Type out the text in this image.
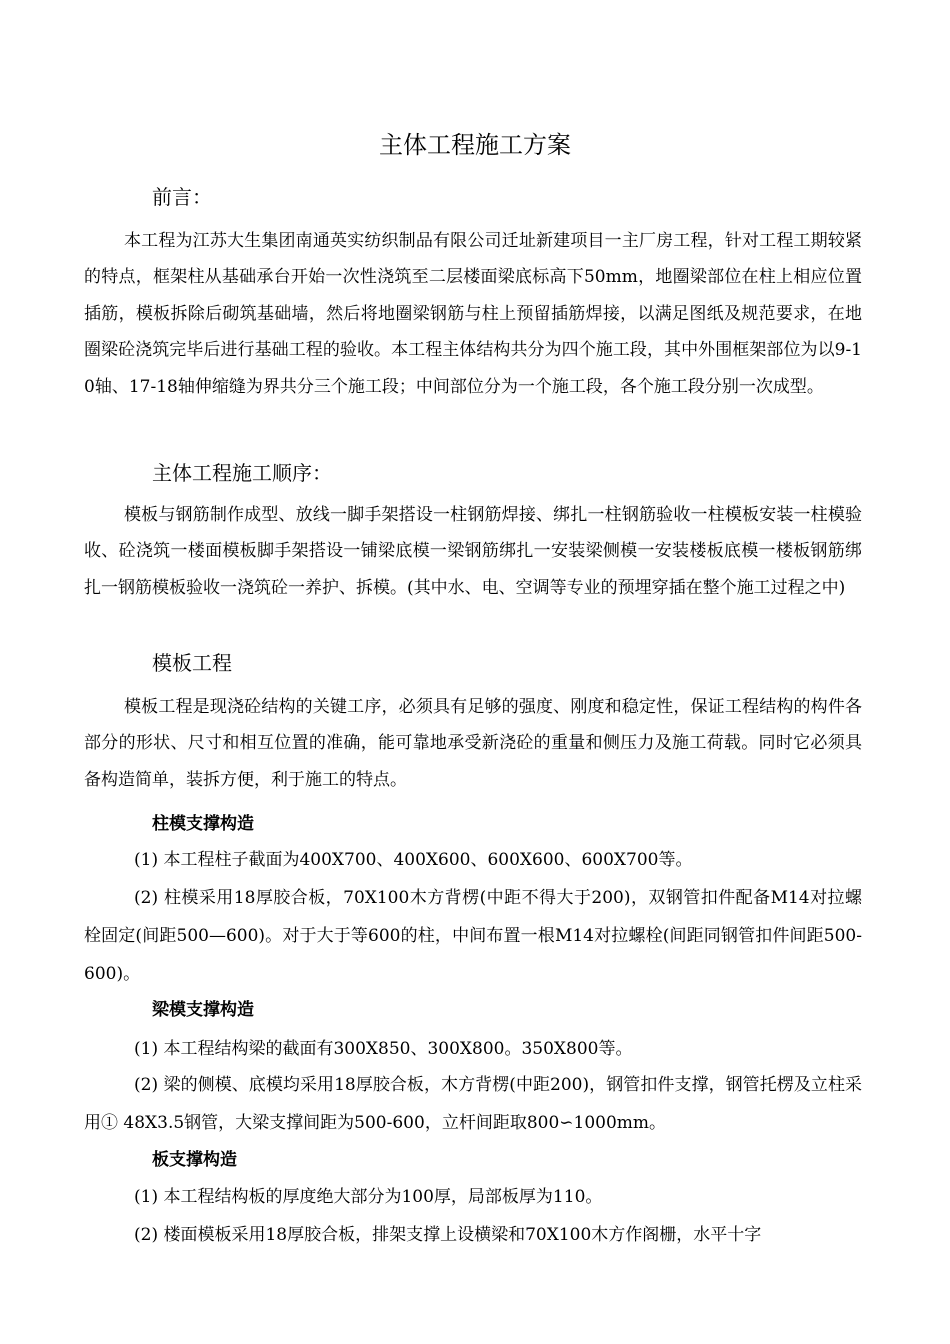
主体工程施工方案
前言：
本工程为江苏大生集团南通英实纺织制品有限公司迁址新建项目一主厂房工程，针对工程工期较紧的特点，框架柱从基础承台开始一次性浇筑至二层楼面梁底标高下50mm，地圈梁部位在柱上相应位置插筋，模板拆除后砌筑基础墙，然后将地圈梁钢筋与柱上预留插筋焊接，以满足图纸及规范要求，在地圈梁砼浇筑完毕后进行基础工程的验收。本工程主体结构共分为四个施工段，其中外围框架部位为以9-10轴、17-18轴伸缩缝为界共分三个施工段；中间部位分为一个施工段，各个施工段分别一次成型。
主体工程施工顺序：
模板与钢筋制作成型、放线一脚手架搭设一柱钢筋焊接、绑扎一柱钢筋验收一柱模板安装一柱模验收、砼浇筑一楼面模板脚手架搭设一铺梁底模一梁钢筋绑扎一安装梁侧模一安装楼板底模一楼板钢筋绑扎一钢筋模板验收一浇筑砼一养护、拆模。(其中水、电、空调等专业的预埋穿插在整个施工过程之中)
模板工程
模板工程是现浇砼结构的关键工序，必须具有足够的强度、刚度和稳定性，保证工程结构的构件各部分的形状、尺寸和相互位置的准确，能可靠地承受新浇砼的重量和侧压力及施工荷载。同时它必须具备构造简单，装拆方便，利于施工的特点。
柱模支撑构造
(1) 本工程柱子截面为400X700、400X600、600X600、600X700等。
(2) 柱模采用18厚胶合板，70X100木方背楞(中距不得大于200)，双钢管扣件配备M14对拉螺栓固定(间距500—600)。对于大于等600的柱，中间布置一根M14对拉螺栓(间距同钢管扣件间距500-600)。
梁模支撑构造
(1) 本工程结构梁的截面有300X850、300X800。350X800等。
(2) 梁的侧模、底模均采用18厚胶合板，木方背楞(中距200)，钢管扣件支撑，钢管托楞及立柱采用① 48X3.5钢管，大梁支撑间距为500-600，立杆间距取800∽1000mm。
板支撑构造
(1) 本工程结构板的厚度绝大部分为100厚，局部板厚为110。
(2) 楼面模板采用18厚胶合板，排架支撑上设横梁和70X100木方作阁栅，水平十字
